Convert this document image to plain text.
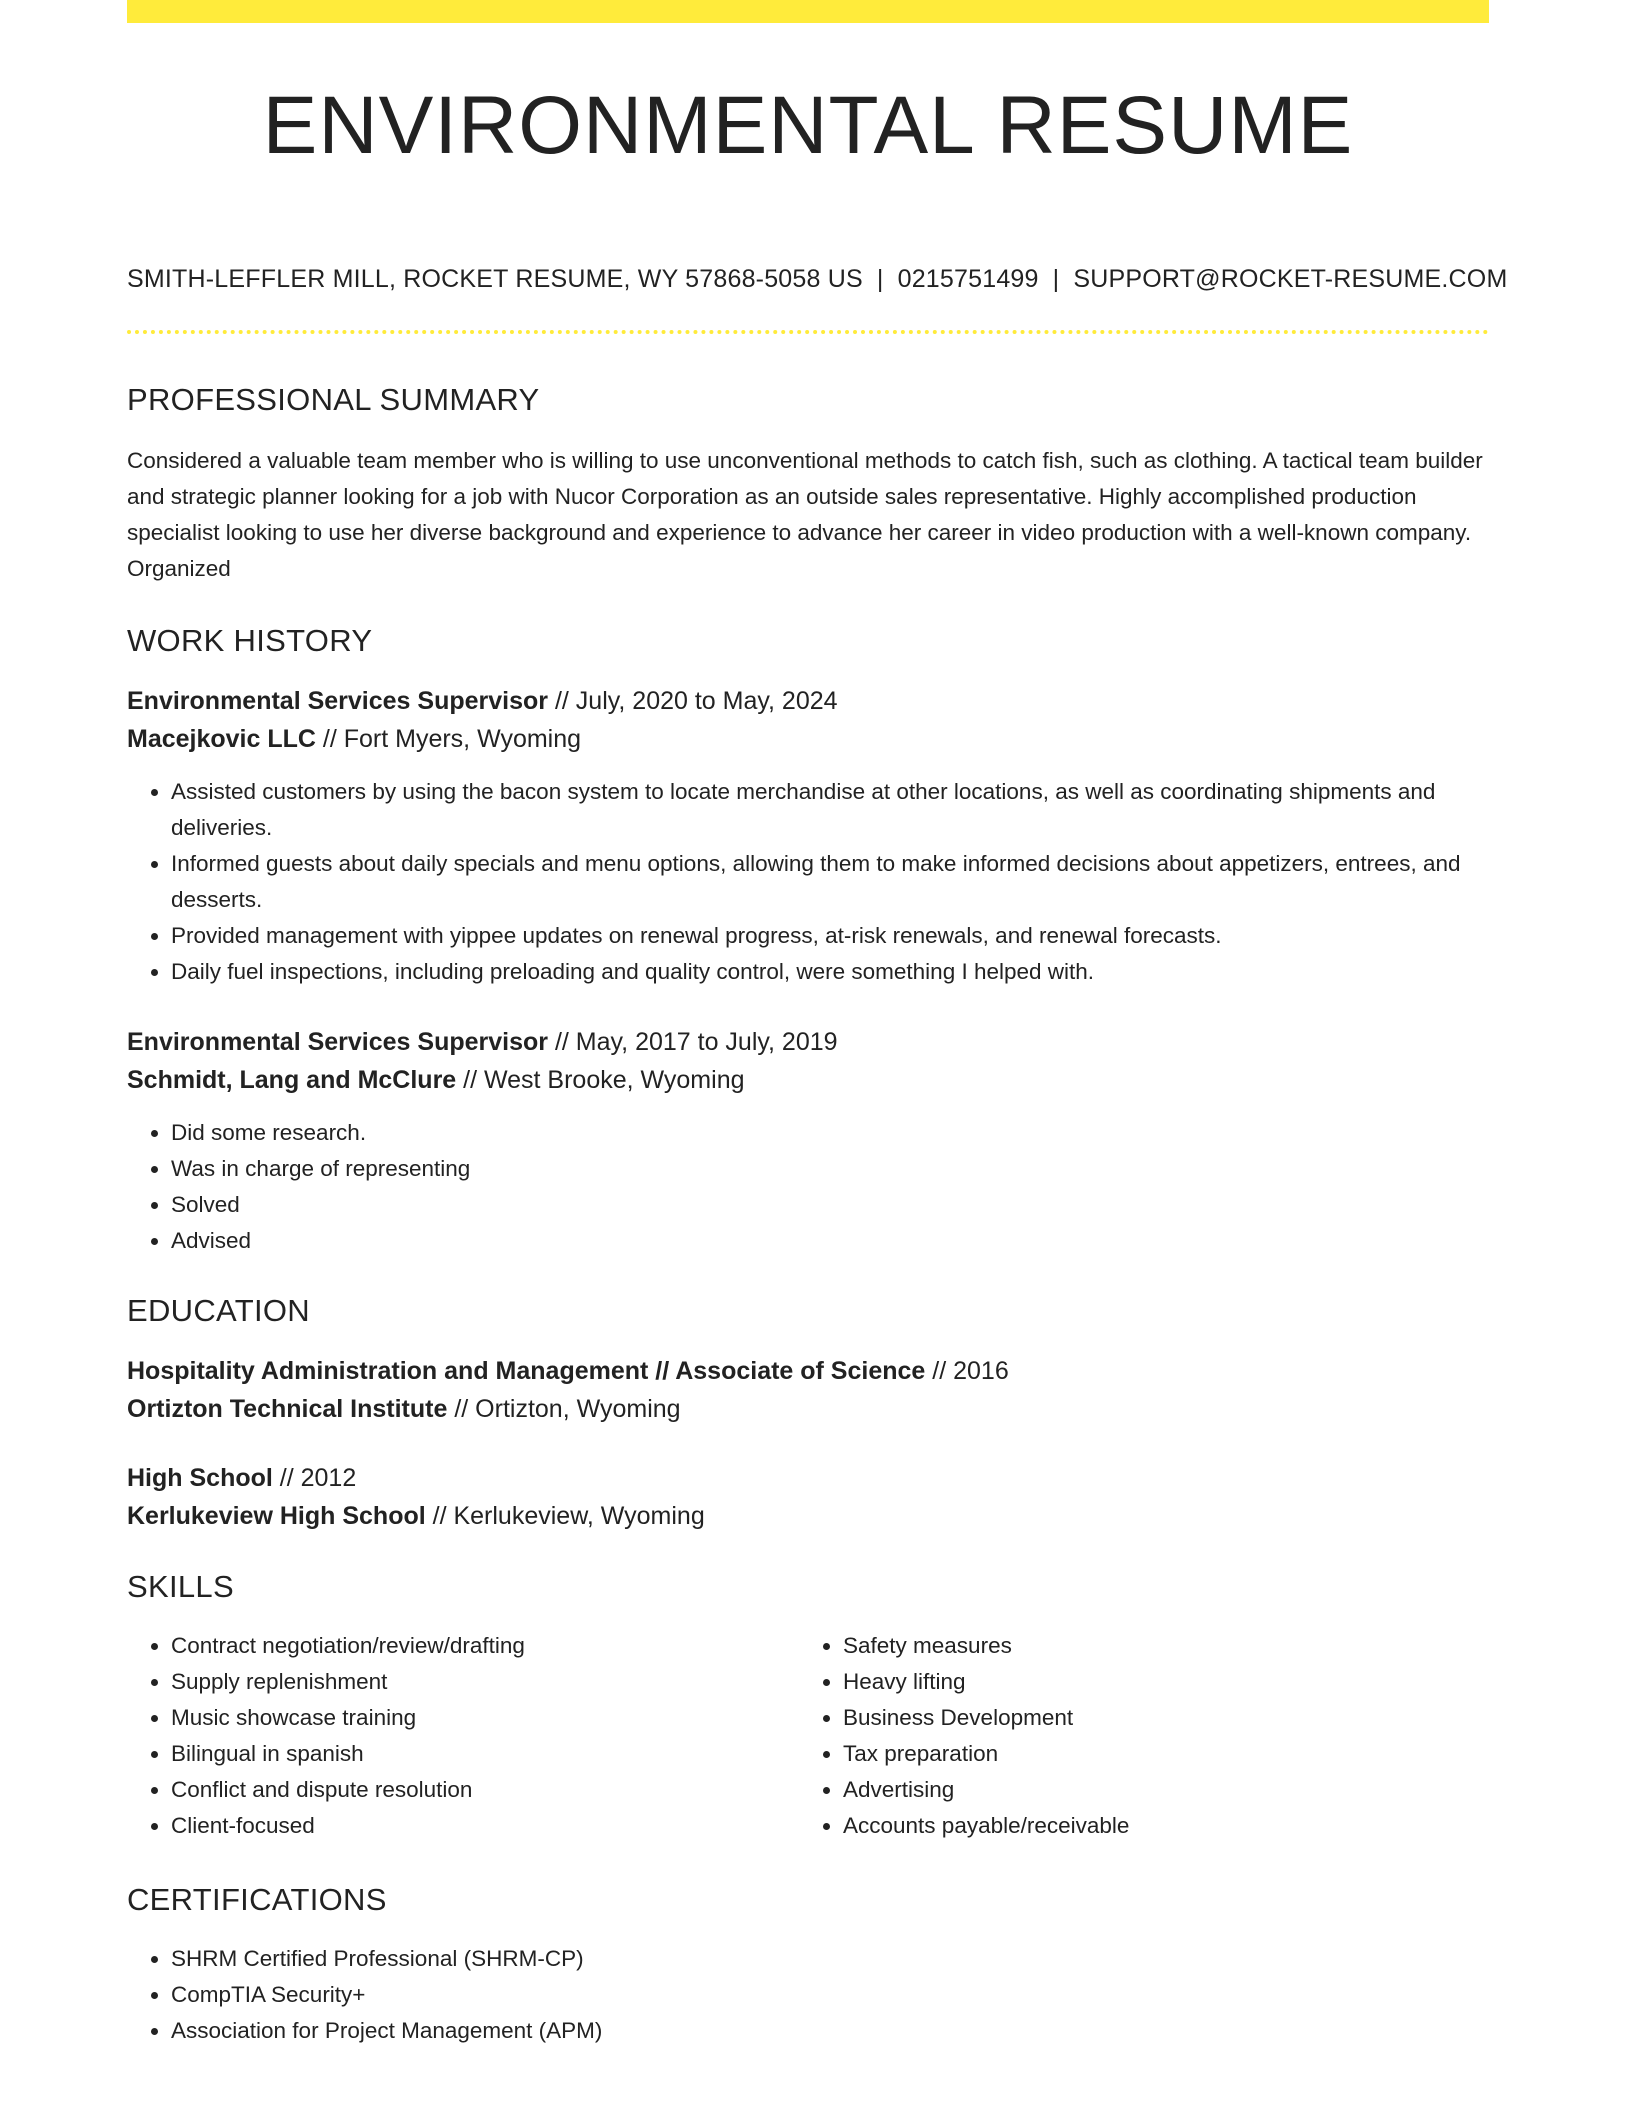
ENVIRONMENTAL RESUME
SMITH-LEFFLER MILL, ROCKET RESUME, WY 57868-5058 US | 0215751499 | SUPPORT@ROCKET-RESUME.COM
PROFESSIONAL SUMMARY

Considered a valuable team member who is willing to use unconventional methods to catch fish, such as clothing. A tactical team builder and strategic planner looking for a job with Nucor Corporation as an outside sales representative. Highly accomplished production specialist looking to use her diverse background and experience to advance her career in video production with a well-known company. Organized

WORK HISTORY

Environmental Services Supervisor // July, 2020 to May, 2024

Macejkovic LLC // Fort Myers, Wyoming

• Assisted customers by using the bacon system to locate merchandise at other locations, as well as coordinating shipments and deliveries.
• Informed guests about daily specials and menu options, allowing them to make informed decisions about appetizers, entrees, and desserts.
• Provided management with yippee updates on renewal progress, at-risk renewals, and renewal forecasts.
• Daily fuel inspections, including preloading and quality control, were something I helped with.

Environmental Services Supervisor // May, 2017 to July, 2019

Schmidt, Lang and McClure // West Brooke, Wyoming

• Did some research.
• Was in charge of representing
• Solved
• Advised
EDUCATION

Hospitality Administration and Management // Associate of Science // 2016

Ortizton Technical Institute // Ortizton, Wyoming

High School // 2012

Kerlukeview High School // Kerlukeview, Wyoming

SKILLS
• Contract negotiation/review/drafting
• Supply replenishment
• Music showcase training
• Bilingual in spanish
• Conflict and dispute resolution
• Client-focused
• Safety measures
• Heavy lifting
• Business Development
• Tax preparation
• Advertising
• Accounts payable/receivable
CERTIFICATIONS
• SHRM Certified Professional (SHRM-CP)
• CompTIA Security+
• Association for Project Management (APM)
